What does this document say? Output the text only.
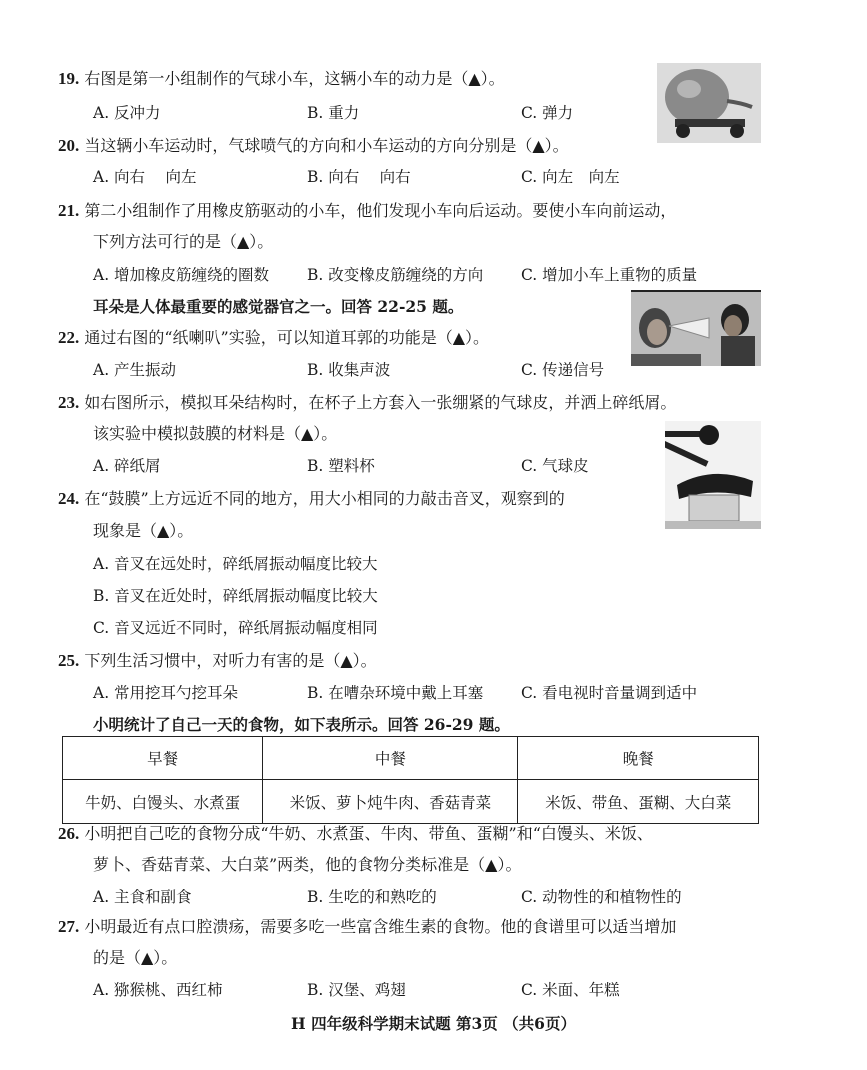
19. 右图是第一小组制作的气球小车，这辆小车的动力是（▲）。
A. 反冲力	B. 重力	C. 弹力
20. 当这辆小车运动时，气球喷气的方向和小车运动的方向分别是（▲）。
A. 向右　 向左	B. 向右　 向右	C. 向左　向左
21. 第二小组制作了用橡皮筋驱动的小车，他们发现小车向后运动。要使小车向前运动，
下列方法可行的是（▲）。
A. 增加橡皮筋缠绕的圈数 B. 改变橡皮筋缠绕的方向 C. 增加小车上重物的质量
耳朵是人体最重要的感觉器官之一。回答 22-25 题。
22. 通过右图的“纸喇叭”实验，可以知道耳郭的功能是（▲）。
A. 产生振动	B. 收集声波	C. 传递信号
23. 如右图所示，模拟耳朵结构时，在杯子上方套入一张绷紧的气球皮，并洒上碎纸屑。
该实验中模拟鼓膜的材料是（▲）。
A. 碎纸屑	B. 塑料杯	C. 气球皮
24. 在“鼓膜”上方远近不同的地方，用大小相同的力敲击音叉，观察到的
现象是（▲）。
A. 音叉在远处时，碎纸屑振动幅度比较大
B. 音叉在近处时，碎纸屑振动幅度比较大
C. 音叉远近不同时，碎纸屑振动幅度相同
25. 下列生活习惯中，对听力有害的是（▲）。
A. 常用挖耳勺挖耳朵	B. 在嘈杂环境中戴上耳塞 C. 看电视时音量调到适中
小明统计了自己一天的食物，如下表所示。回答 26-29 题。
早餐	中餐	晚餐
牛奶、白馒头、水煮蛋	米饭、萝卜炖牛肉、香菇青菜	米饭、带鱼、蛋糊、大白菜
26. 小明把自己吃的食物分成“牛奶、水煮蛋、牛肉、带鱼、蛋糊”和“白馒头、米饭、
萝卜、香菇青菜、大白菜”两类，他的食物分类标准是（▲）。
A. 主食和副食	B. 生吃的和熟吃的	C. 动物性的和植物性的
27. 小明最近有点口腔溃疡，需要多吃一些富含维生素的食物。他的食谱里可以适当增加
的是（▲）。
A. 猕猴桃、西红柿	B. 汉堡、鸡翅	C. 米面、年糕
H 四年级科学期末试题 第3页 （共6页）
